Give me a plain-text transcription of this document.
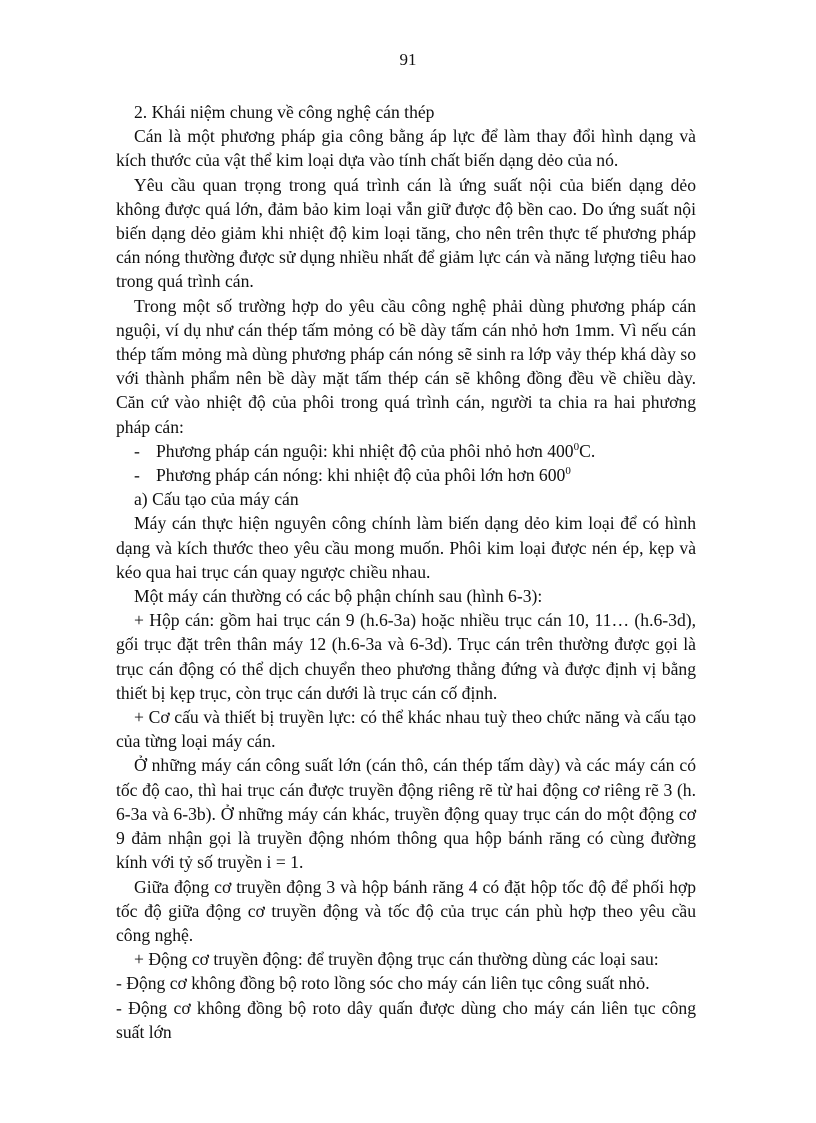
91

2. Khái niệm chung về công nghệ cán thép

Cán là một phương pháp gia công bằng áp lực để làm thay đổi hình dạng và kích thước của vật thể kim loại dựa vào tính chất biến dạng dẻo của nó.

Yêu cầu quan trọng trong quá trình cán là ứng suất nội của biến dạng dẻo không được quá lớn, đảm bảo kim loại vẫn giữ được độ bền cao. Do ứng suất nội biến dạng dẻo giảm khi nhiệt độ kim loại tăng, cho nên trên thực tế phương pháp cán nóng thường được sử dụng nhiều nhất để giảm lực cán và năng lượng tiêu hao trong quá trình cán.

Trong một số trường hợp do yêu cầu công nghệ phải dùng phương pháp cán nguội, ví dụ như cán thép tấm mỏng có bề dày tấm cán nhỏ hơn 1mm. Vì nếu cán thép tấm mỏng mà dùng phương pháp cán nóng sẽ sinh ra lớp vảy thép khá dày so với thành phẩm nên bề dày mặt tấm thép cán sẽ không đồng đều về chiều dày. Căn cứ vào nhiệt độ của phôi trong quá trình cán, người ta chia ra hai phương pháp cán:

- Phương pháp cán nguội: khi nhiệt độ của phôi nhỏ hơn $400^0C$.

- Phương pháp cán nóng: khi nhiệt độ của phôi lớn hơn $600^0$

a) Cấu tạo của máy cán

Máy cán thực hiện nguyên công chính làm biến dạng dẻo kim loại để có hình dạng và kích thước theo yêu cầu mong muốn. Phôi kim loại được nén ép, kẹp và kéo qua hai trục cán quay ngược chiều nhau.

Một máy cán thường có các bộ phận chính sau (hình 6-3):

+ Hộp cán: gồm hai trục cán 9 (h.6-3a) hoặc nhiều trục cán 10, 11… (h.6-3d), gối trục đặt trên thân máy 12 (h.6-3a và 6-3d). Trục cán trên thường được gọi là trục cán động có thể dịch chuyển theo phương thẳng đứng và được định vị bằng thiết bị kẹp trục, còn trục cán dưới là trục cán cố định.

+ Cơ cấu và thiết bị truyền lực: có thể khác nhau tuỳ theo chức năng và cấu tạo của từng loại máy cán.

Ở những máy cán công suất lớn (cán thô, cán thép tấm dày) và các máy cán có tốc độ cao, thì hai trục cán được truyền động riêng rẽ từ hai động cơ riêng rẽ 3 (h. 6-3a và 6-3b). Ở những máy cán khác, truyền động quay trục cán do một động cơ 9 đảm nhận gọi là truyền động nhóm thông qua hộp bánh răng có cùng đường kính với tỷ số truyền i = 1.

Giữa động cơ truyền động 3 và hộp bánh răng 4 có đặt hộp tốc độ để phối hợp tốc độ giữa động cơ truyền động và tốc độ của trục cán phù hợp theo yêu cầu công nghệ.

+ Động cơ truyền động: để truyền động trục cán thường dùng các loại sau:

- Động cơ không đồng bộ roto lồng sóc cho máy cán liên tục công suất nhỏ.

- Động cơ không đồng bộ roto dây quấn được dùng cho máy cán liên tục công suất lớn
